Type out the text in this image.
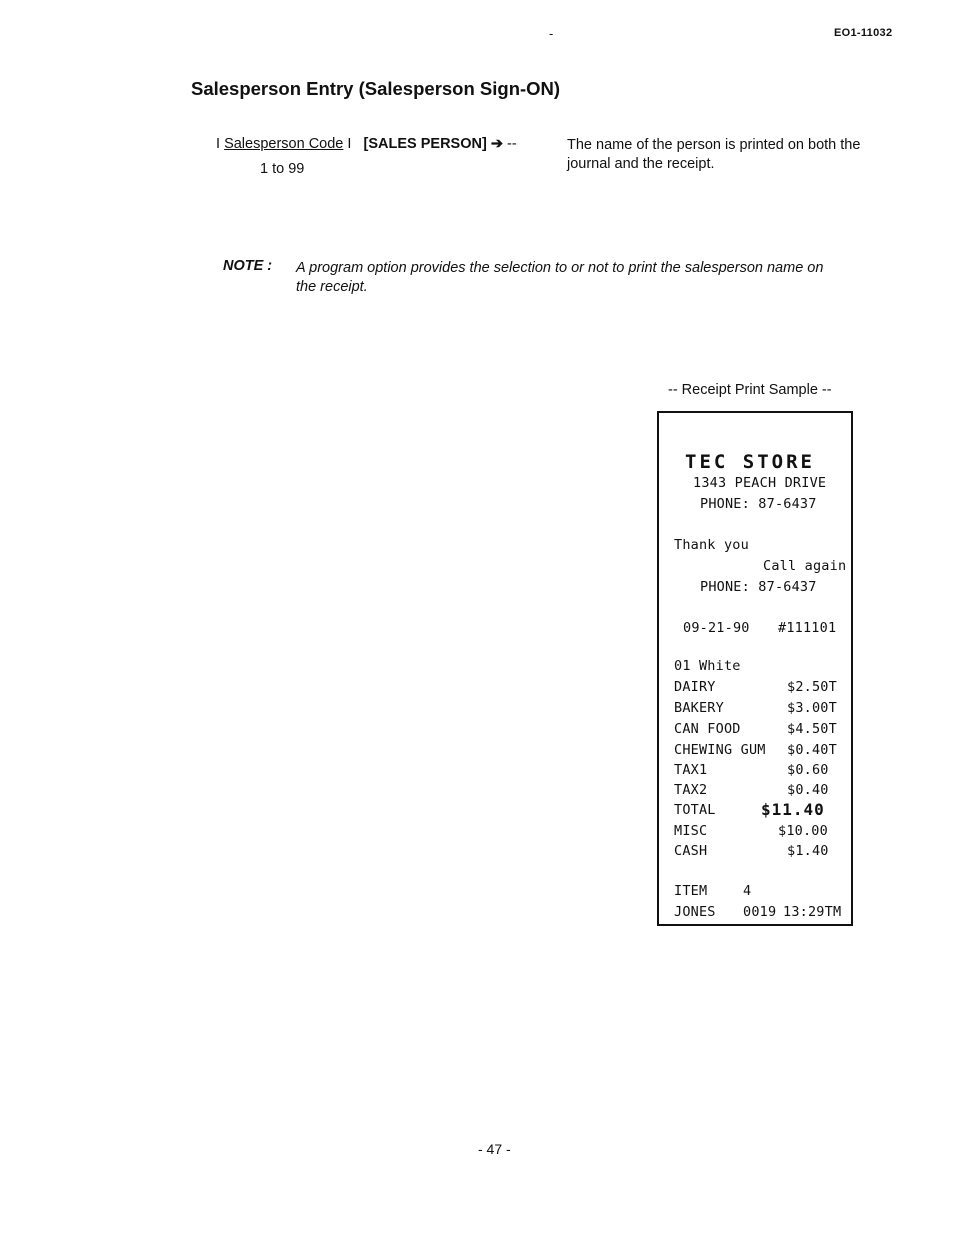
-	EO1-11032
Salesperson Entry (Salesperson Sign-ON)
I Salesperson Code I [SALES PERSON] ➔ --
1 to 99
The name of the person is printed on both the journal and the receipt.
NOTE : A program option provides the selection to or not to print the salesperson name on the receipt.
-- Receipt Print Sample --
TEC STORE
1343 PEACH DRIVE
PHONE: 87-6437
Thank you
Call again
PHONE: 87-6437
09-21-90 #111101
01 White
DAIRY	$2.50T
BAKERY	$3.00T
CAN FOOD	$4.50T
CHEWING GUM $0.40T
TAX1	$0.60
TAX2	$0.40
TOTAL	$11.40
MISC	$10.00
CASH	$1.40
ITEM	4
JONES 0019 13:29TM
- 47 -
